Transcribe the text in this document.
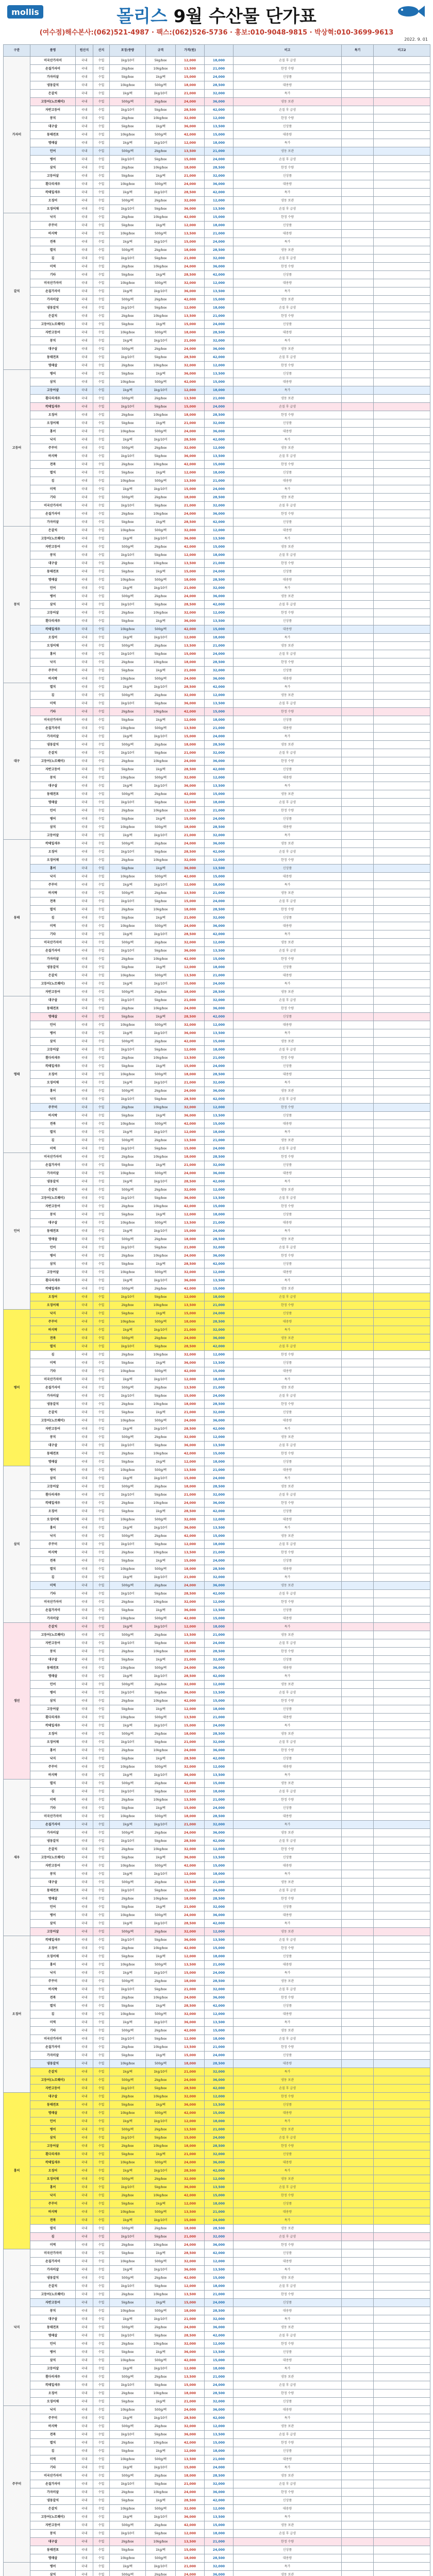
mollis	몰리스 9월 수산물 단가표
(여수점)해수본사:(062)521-4987 · 팩스:(062)526-5736 · 홍보:010-9048-9815 · 박상혁:010-3699-9613
2022. 9. 01
구분	품명	원산지	산지	포장/중량	규격	가격(원)		비고	특기	비고2
가자미	미국산가자미	국내	수입	1kg/10미	5kg/box	12,000	18,000	손질 후 급냉		
	손질가자미	국내	수입	2kg/box	10kg/box	13,500	21,000	한정 수량		
	가자미살	국내	수입	5kg/box	1kg/팩	15,000	24,000	신상품		
	냉동갈치	국내	수입	10kg/box	500g/팩	18,000	28,500	대용량		
	은갈치	국내	수입	1kg/팩	1kg/10미	21,000	32,000	특가		
	고등어(노르웨이)	국내	수입	500g/팩	2kg/box	24,000	36,000	냉동 보관		
	자반고등어	국내	수입	1kg/10미	5kg/box	28,500	42,000	손질 후 급냉		
	꽁치	국내	수입	2kg/box	10kg/box	32,000	12,000	한정 수량		
	대구살	국내	수입	5kg/box	1kg/팩	36,000	13,500	신상품		
	동태전포	국내	수입	10kg/box	500g/팩	42,000	15,000	대용량		
	명태살	국내	수입	1kg/팩	1kg/10미	12,000	18,000	특가		
	민어	국내	수입	500g/팩	2kg/box	13,500	21,000	냉동 보관		
	병어	국내	수입	1kg/10미	5kg/box	15,000	24,000	손질 후 급냉		
	삼치	국내	수입	2kg/box	10kg/box	18,000	28,500	한정 수량		
	고등어살	국내	수입	5kg/box	1kg/팩	21,000	32,000	신상품		
	흰다리새우	국내	수입	10kg/box	500g/팩	24,000	36,000	대용량		
	칵테일새우	국내	수입	1kg/팩	1kg/10미	28,500	42,000	특가		
	오징어	국내	수입	500g/팩	2kg/box	32,000	12,000	냉동 보관		
	오징어채	국내	수입	1kg/10미	5kg/box	36,000	13,500	손질 후 급냉		
갈치	낙지	국내	수입	2kg/box	10kg/box	42,000	15,000	한정 수량		
	주꾸미	국내	수입	5kg/box	1kg/팩	12,000	18,000	신상품		
	바지락	국내	수입	10kg/box	500g/팩	13,500	21,000	대용량		
	전복	국내	수입	1kg/팩	1kg/10미	15,000	24,000	특가		
	멸치	국내	수입	500g/팩	2kg/box	18,000	28,500	냉동 보관		
	김	국내	수입	1kg/10미	5kg/box	21,000	32,000	손질 후 급냉		
	미역	국내	수입	2kg/box	10kg/box	24,000	36,000	한정 수량		
	기타	국내	수입	5kg/box	1kg/팩	28,500	42,000	신상품		
	미국산가자미	국내	수입	10kg/box	500g/팩	32,000	12,000	대용량		
	손질가자미	국내	수입	1kg/팩	1kg/10미	36,000	13,500	특가		
	가자미살	국내	수입	500g/팩	2kg/box	42,000	15,000	냉동 보관		
	냉동갈치	국내	수입	1kg/10미	5kg/box	12,000	18,000	손질 후 급냉		
	은갈치	국내	수입	2kg/box	10kg/box	13,500	21,000	한정 수량		
	고등어(노르웨이)	국내	수입	5kg/box	1kg/팩	15,000	24,000	신상품		
	자반고등어	국내	수입	10kg/box	500g/팩	18,000	28,500	대용량		
	꽁치	국내	수입	1kg/팩	1kg/10미	21,000	32,000	특가		
	대구살	국내	수입	500g/팩	2kg/box	24,000	36,000	냉동 보관		
	동태전포	국내	수입	1kg/10미	5kg/box	28,500	42,000	손질 후 급냉		
	명태살	국내	수입	2kg/box	10kg/box	32,000	12,000	한정 수량		
고등어	병어	국내	수입	5kg/box	1kg/팩	36,000	13,500	신상품		
	삼치	국내	수입	10kg/box	500g/팩	42,000	15,000	대용량		
	고등어살	국내	수입	1kg/팩	1kg/10미	12,000	18,000	특가		
	흰다리새우	국내	수입	500g/팩	2kg/box	13,500	21,000	냉동 보관		
	칵테일새우	국내	수입	1kg/10미	5kg/box	15,000	24,000	손질 후 급냉		
	오징어	국내	수입	2kg/box	10kg/box	18,000	28,500	한정 수량		
	오징어채	국내	수입	5kg/box	1kg/팩	21,000	32,000	신상품		
	홍어	국내	수입	10kg/box	500g/팩	24,000	36,000	대용량		
	낙지	국내	수입	1kg/팩	1kg/10미	28,500	42,000	특가		
	주꾸미	국내	수입	500g/팩	2kg/box	32,000	12,000	냉동 보관		
	바지락	국내	수입	1kg/10미	5kg/box	36,000	13,500	손질 후 급냉		
	전복	국내	수입	2kg/box	10kg/box	42,000	15,000	한정 수량		
	멸치	국내	수입	5kg/box	1kg/팩	12,000	18,000	신상품		
	김	국내	수입	10kg/box	500g/팩	13,500	21,000	대용량		
	미역	국내	수입	1kg/팩	1kg/10미	15,000	24,000	특가		
	기타	국내	수입	500g/팩	2kg/box	18,000	28,500	냉동 보관		
	미국산가자미	국내	수입	1kg/10미	5kg/box	21,000	32,000	손질 후 급냉		
	손질가자미	국내	수입	2kg/box	10kg/box	24,000	36,000	한정 수량		
	가자미살	국내	수입	5kg/box	1kg/팩	28,500	42,000	신상품		
꽁치	은갈치	국내	수입	10kg/box	500g/팩	32,000	12,000	대용량		
	고등어(노르웨이)	국내	수입	1kg/팩	1kg/10미	36,000	13,500	특가		
	자반고등어	국내	수입	500g/팩	2kg/box	42,000	15,000	냉동 보관		
	꽁치	국내	수입	1kg/10미	5kg/box	12,000	18,000	손질 후 급냉		
	대구살	국내	수입	2kg/box	10kg/box	13,500	21,000	한정 수량		
	동태전포	국내	수입	5kg/box	1kg/팩	15,000	24,000	신상품		
	명태살	국내	수입	10kg/box	500g/팩	18,000	28,500	대용량		
	민어	국내	수입	1kg/팩	1kg/10미	21,000	32,000	특가		
	병어	국내	수입	500g/팩	2kg/box	24,000	36,000	냉동 보관		
	삼치	국내	수입	1kg/10미	5kg/box	28,500	42,000	손질 후 급냉		
	고등어살	국내	수입	2kg/box	10kg/box	32,000	12,000	한정 수량		
	흰다리새우	국내	수입	5kg/box	1kg/팩	36,000	13,500	신상품		
	칵테일새우	국내	수입	10kg/box	500g/팩	42,000	15,000	대용량		
	오징어	국내	수입	1kg/팩	1kg/10미	12,000	18,000	특가		
	오징어채	국내	수입	500g/팩	2kg/box	13,500	21,000	냉동 보관		
	홍어	국내	수입	1kg/10미	5kg/box	15,000	24,000	손질 후 급냉		
	낙지	국내	수입	2kg/box	10kg/box	18,000	28,500	한정 수량		
	주꾸미	국내	수입	5kg/box	1kg/팩	21,000	32,000	신상품		
	바지락	국내	수입	10kg/box	500g/팩	24,000	36,000	대용량		
대구	멸치	국내	수입	1kg/팩	1kg/10미	28,500	42,000	특가		
	김	국내	수입	500g/팩	2kg/box	32,000	12,000	냉동 보관		
	미역	국내	수입	1kg/10미	5kg/box	36,000	13,500	손질 후 급냉		
	기타	국내	수입	2kg/box	10kg/box	42,000	15,000	한정 수량		
	미국산가자미	국내	수입	5kg/box	1kg/팩	12,000	18,000	신상품		
	손질가자미	국내	수입	10kg/box	500g/팩	13,500	21,000	대용량		
	가자미살	국내	수입	1kg/팩	1kg/10미	15,000	24,000	특가		
	냉동갈치	국내	수입	500g/팩	2kg/box	18,000	28,500	냉동 보관		
	은갈치	국내	수입	1kg/10미	5kg/box	21,000	32,000	손질 후 급냉		
	고등어(노르웨이)	국내	수입	2kg/box	10kg/box	24,000	36,000	한정 수량		
	자반고등어	국내	수입	5kg/box	1kg/팩	28,500	42,000	신상품		
	꽁치	국내	수입	10kg/box	500g/팩	32,000	12,000	대용량		
	대구살	국내	수입	1kg/팩	1kg/10미	36,000	13,500	특가		
	동태전포	국내	수입	500g/팩	2kg/box	42,000	15,000	냉동 보관		
	명태살	국내	수입	1kg/10미	5kg/box	12,000	18,000	손질 후 급냉		
	민어	국내	수입	2kg/box	10kg/box	13,500	21,000	한정 수량		
	병어	국내	수입	5kg/box	1kg/팩	15,000	24,000	신상품		
	삼치	국내	수입	10kg/box	500g/팩	18,000	28,500	대용량		
	고등어살	국내	수입	1kg/팩	1kg/10미	21,000	32,000	특가		
동태	칵테일새우	국내	수입	500g/팩	2kg/box	24,000	36,000	냉동 보관		
	오징어	국내	수입	1kg/10미	5kg/box	28,500	42,000	손질 후 급냉		
	오징어채	국내	수입	2kg/box	10kg/box	32,000	12,000	한정 수량		
	홍어	국내	수입	5kg/box	1kg/팩	36,000	13,500	신상품		
	낙지	국내	수입	10kg/box	500g/팩	42,000	15,000	대용량		
	주꾸미	국내	수입	1kg/팩	1kg/10미	12,000	18,000	특가		
	바지락	국내	수입	500g/팩	2kg/box	13,500	21,000	냉동 보관		
	전복	국내	수입	1kg/10미	5kg/box	15,000	24,000	손질 후 급냉		
	멸치	국내	수입	2kg/box	10kg/box	18,000	28,500	한정 수량		
	김	국내	수입	5kg/box	1kg/팩	21,000	32,000	신상품		
	미역	국내	수입	10kg/box	500g/팩	24,000	36,000	대용량		
	기타	국내	수입	1kg/팩	1kg/10미	28,500	42,000	특가		
	미국산가자미	국내	수입	500g/팩	2kg/box	32,000	12,000	냉동 보관		
	손질가자미	국내	수입	1kg/10미	5kg/box	36,000	13,500	손질 후 급냉		
	가자미살	국내	수입	2kg/box	10kg/box	42,000	15,000	한정 수량		
	냉동갈치	국내	수입	5kg/box	1kg/팩	12,000	18,000	신상품		
	은갈치	국내	수입	10kg/box	500g/팩	13,500	21,000	대용량		
	고등어(노르웨이)	국내	수입	1kg/팩	1kg/10미	15,000	24,000	특가		
	자반고등어	국내	수입	500g/팩	2kg/box	18,000	28,500	냉동 보관		
명태	대구살	국내	수입	1kg/10미	5kg/box	21,000	32,000	손질 후 급냉		
	동태전포	국내	수입	2kg/box	10kg/box	24,000	36,000	한정 수량		
	명태살	국내	수입	5kg/box	1kg/팩	28,500	42,000	신상품		
	민어	국내	수입	10kg/box	500g/팩	32,000	12,000	대용량		
	병어	국내	수입	1kg/팩	1kg/10미	36,000	13,500	특가		
	삼치	국내	수입	500g/팩	2kg/box	42,000	15,000	냉동 보관		
	고등어살	국내	수입	1kg/10미	5kg/box	12,000	18,000	손질 후 급냉		
	흰다리새우	국내	수입	2kg/box	10kg/box	13,500	21,000	한정 수량		
	칵테일새우	국내	수입	5kg/box	1kg/팩	15,000	24,000	신상품		
	오징어	국내	수입	10kg/box	500g/팩	18,000	28,500	대용량		
	오징어채	국내	수입	1kg/팩	1kg/10미	21,000	32,000	특가		
	홍어	국내	수입	500g/팩	2kg/box	24,000	36,000	냉동 보관		
	낙지	국내	수입	1kg/10미	5kg/box	28,500	42,000	손질 후 급냉		
	주꾸미	국내	수입	2kg/box	10kg/box	32,000	12,000	한정 수량		
	바지락	국내	수입	5kg/box	1kg/팩	36,000	13,500	신상품		
	전복	국내	수입	10kg/box	500g/팩	42,000	15,000	대용량		
	멸치	국내	수입	1kg/팩	1kg/10미	12,000	18,000	특가		
	김	국내	수입	500g/팩	2kg/box	13,500	21,000	냉동 보관		
	미역	국내	수입	1kg/10미	5kg/box	15,000	24,000	손질 후 급냉		
민어	미국산가자미	국내	수입	2kg/box	10kg/box	18,000	28,500	한정 수량		
	손질가자미	국내	수입	5kg/box	1kg/팩	21,000	32,000	신상품		
	가자미살	국내	수입	10kg/box	500g/팩	24,000	36,000	대용량		
	냉동갈치	국내	수입	1kg/팩	1kg/10미	28,500	42,000	특가		
	은갈치	국내	수입	500g/팩	2kg/box	32,000	12,000	냉동 보관		
	고등어(노르웨이)	국내	수입	1kg/10미	5kg/box	36,000	13,500	손질 후 급냉		
	자반고등어	국내	수입	2kg/box	10kg/box	42,000	15,000	한정 수량		
	꽁치	국내	수입	5kg/box	1kg/팩	12,000	18,000	신상품		
	대구살	국내	수입	10kg/box	500g/팩	13,500	21,000	대용량		
	동태전포	국내	수입	1kg/팩	1kg/10미	15,000	24,000	특가		
	명태살	국내	수입	500g/팩	2kg/box	18,000	28,500	냉동 보관		
	민어	국내	수입	1kg/10미	5kg/box	21,000	32,000	손질 후 급냉		
	병어	국내	수입	2kg/box	10kg/box	24,000	36,000	한정 수량		
	삼치	국내	수입	5kg/box	1kg/팩	28,500	42,000	신상품		
	고등어살	국내	수입	10kg/box	500g/팩	32,000	12,000	대용량		
	흰다리새우	국내	수입	1kg/팩	1kg/10미	36,000	13,500	특가		
	칵테일새우	국내	수입	500g/팩	2kg/box	42,000	15,000	냉동 보관		
	오징어	국내	수입	1kg/10미	5kg/box	12,000	18,000	손질 후 급냉		
	오징어채	국내	수입	2kg/box	10kg/box	13,500	21,000	한정 수량		
병어	낙지	국내	수입	5kg/box	1kg/팩	15,000	24,000	신상품		
	주꾸미	국내	수입	10kg/box	500g/팩	18,000	28,500	대용량		
	바지락	국내	수입	1kg/팩	1kg/10미	21,000	32,000	특가		
	전복	국내	수입	500g/팩	2kg/box	24,000	36,000	냉동 보관		
	멸치	국내	수입	1kg/10미	5kg/box	28,500	42,000	손질 후 급냉		
	김	국내	수입	2kg/box	10kg/box	32,000	12,000	한정 수량		
	미역	국내	수입	5kg/box	1kg/팩	36,000	13,500	신상품		
	기타	국내	수입	10kg/box	500g/팩	42,000	15,000	대용량		
	미국산가자미	국내	수입	1kg/팩	1kg/10미	12,000	18,000	특가		
	손질가자미	국내	수입	500g/팩	2kg/box	13,500	21,000	냉동 보관		
	가자미살	국내	수입	1kg/10미	5kg/box	15,000	24,000	손질 후 급냉		
	냉동갈치	국내	수입	2kg/box	10kg/box	18,000	28,500	한정 수량		
	은갈치	국내	수입	5kg/box	1kg/팩	21,000	32,000	신상품		
	고등어(노르웨이)	국내	수입	10kg/box	500g/팩	24,000	36,000	대용량		
	자반고등어	국내	수입	1kg/팩	1kg/10미	28,500	42,000	특가		
	꽁치	국내	수입	500g/팩	2kg/box	32,000	12,000	냉동 보관		
	대구살	국내	수입	1kg/10미	5kg/box	36,000	13,500	손질 후 급냉		
	동태전포	국내	수입	2kg/box	10kg/box	42,000	15,000	한정 수량		
	명태살	국내	수입	5kg/box	1kg/팩	12,000	18,000	신상품		
삼치	병어	국내	수입	10kg/box	500g/팩	13,500	21,000	대용량		
	삼치	국내	수입	1kg/팩	1kg/10미	15,000	24,000	특가		
	고등어살	국내	수입	500g/팩	2kg/box	18,000	28,500	냉동 보관		
	흰다리새우	국내	수입	1kg/10미	5kg/box	21,000	32,000	손질 후 급냉		
	칵테일새우	국내	수입	2kg/box	10kg/box	24,000	36,000	한정 수량		
	오징어	국내	수입	5kg/box	1kg/팩	28,500	42,000	신상품		
	오징어채	국내	수입	10kg/box	500g/팩	32,000	12,000	대용량		
	홍어	국내	수입	1kg/팩	1kg/10미	36,000	13,500	특가		
	낙지	국내	수입	500g/팩	2kg/box	42,000	15,000	냉동 보관		
	주꾸미	국내	수입	1kg/10미	5kg/box	12,000	18,000	손질 후 급냉		
	바지락	국내	수입	2kg/box	10kg/box	13,500	21,000	한정 수량		
	전복	국내	수입	5kg/box	1kg/팩	15,000	24,000	신상품		
	멸치	국내	수입	10kg/box	500g/팩	18,000	28,500	대용량		
	김	국내	수입	1kg/팩	1kg/10미	21,000	32,000	특가		
	미역	국내	수입	500g/팩	2kg/box	24,000	36,000	냉동 보관		
	기타	국내	수입	1kg/10미	5kg/box	28,500	42,000	손질 후 급냉		
	미국산가자미	국내	수입	2kg/box	10kg/box	32,000	12,000	한정 수량		
	손질가자미	국내	수입	5kg/box	1kg/팩	36,000	13,500	신상품		
	가자미살	국내	수입	10kg/box	500g/팩	42,000	15,000	대용량		
생선	은갈치	국내	수입	1kg/팩	1kg/10미	12,000	18,000	특가		
	고등어(노르웨이)	국내	수입	500g/팩	2kg/box	13,500	21,000	냉동 보관		
	자반고등어	국내	수입	1kg/10미	5kg/box	15,000	24,000	손질 후 급냉		
	꽁치	국내	수입	2kg/box	10kg/box	18,000	28,500	한정 수량		
	대구살	국내	수입	5kg/box	1kg/팩	21,000	32,000	신상품		
	동태전포	국내	수입	10kg/box	500g/팩	24,000	36,000	대용량		
	명태살	국내	수입	1kg/팩	1kg/10미	28,500	42,000	특가		
	민어	국내	수입	500g/팩	2kg/box	32,000	12,000	냉동 보관		
	병어	국내	수입	1kg/10미	5kg/box	36,000	13,500	손질 후 급냉		
	삼치	국내	수입	2kg/box	10kg/box	42,000	15,000	한정 수량		
	고등어살	국내	수입	5kg/box	1kg/팩	12,000	18,000	신상품		
	흰다리새우	국내	수입	10kg/box	500g/팩	13,500	21,000	대용량		
	칵테일새우	국내	수입	1kg/팩	1kg/10미	15,000	24,000	특가		
	오징어	국내	수입	500g/팩	2kg/box	18,000	28,500	냉동 보관		
	오징어채	국내	수입	1kg/10미	5kg/box	21,000	32,000	손질 후 급냉		
	홍어	국내	수입	2kg/box	10kg/box	24,000	36,000	한정 수량		
	낙지	국내	수입	5kg/box	1kg/팩	28,500	42,000	신상품		
	주꾸미	국내	수입	10kg/box	500g/팩	32,000	12,000	대용량		
	바지락	국내	수입	1kg/팩	1kg/10미	36,000	13,500	특가		
새우	멸치	국내	수입	500g/팩	2kg/box	42,000	15,000	냉동 보관		
	김	국내	수입	1kg/10미	5kg/box	12,000	18,000	손질 후 급냉		
	미역	국내	수입	2kg/box	10kg/box	13,500	21,000	한정 수량		
	기타	국내	수입	5kg/box	1kg/팩	15,000	24,000	신상품		
	미국산가자미	국내	수입	10kg/box	500g/팩	18,000	28,500	대용량		
	손질가자미	국내	수입	1kg/팩	1kg/10미	21,000	32,000	특가		
	가자미살	국내	수입	500g/팩	2kg/box	24,000	36,000	냉동 보관		
	냉동갈치	국내	수입	1kg/10미	5kg/box	28,500	42,000	손질 후 급냉		
	은갈치	국내	수입	2kg/box	10kg/box	32,000	12,000	한정 수량		
	고등어(노르웨이)	국내	수입	5kg/box	1kg/팩	36,000	13,500	신상품		
	자반고등어	국내	수입	10kg/box	500g/팩	42,000	15,000	대용량		
	꽁치	국내	수입	1kg/팩	1kg/10미	12,000	18,000	특가		
	대구살	국내	수입	500g/팩	2kg/box	13,500	21,000	냉동 보관		
	동태전포	국내	수입	1kg/10미	5kg/box	15,000	24,000	손질 후 급냉		
	명태살	국내	수입	2kg/box	10kg/box	18,000	28,500	한정 수량		
	민어	국내	수입	5kg/box	1kg/팩	21,000	32,000	신상품		
	병어	국내	수입	10kg/box	500g/팩	24,000	36,000	대용량		
	삼치	국내	수입	1kg/팩	1kg/10미	28,500	42,000	특가		
	고등어살	국내	수입	500g/팩	2kg/box	32,000	12,000	냉동 보관		
오징어	칵테일새우	국내	수입	1kg/10미	5kg/box	36,000	13,500	손질 후 급냉		
	오징어	국내	수입	2kg/box	10kg/box	42,000	15,000	한정 수량		
	오징어채	국내	수입	5kg/box	1kg/팩	12,000	18,000	신상품		
	홍어	국내	수입	10kg/box	500g/팩	13,500	21,000	대용량		
	낙지	국내	수입	1kg/팩	1kg/10미	15,000	24,000	특가		
	주꾸미	국내	수입	500g/팩	2kg/box	18,000	28,500	냉동 보관		
	바지락	국내	수입	1kg/10미	5kg/box	21,000	32,000	손질 후 급냉		
	전복	국내	수입	2kg/box	10kg/box	24,000	36,000	한정 수량		
	멸치	국내	수입	5kg/box	1kg/팩	28,500	42,000	신상품		
	김	국내	수입	10kg/box	500g/팩	32,000	12,000	대용량		
	미역	국내	수입	1kg/팩	1kg/10미	36,000	13,500	특가		
	기타	국내	수입	500g/팩	2kg/box	42,000	15,000	냉동 보관		
	미국산가자미	국내	수입	1kg/10미	5kg/box	12,000	18,000	손질 후 급냉		
	손질가자미	국내	수입	2kg/box	10kg/box	13,500	21,000	한정 수량		
	가자미살	국내	수입	5kg/box	1kg/팩	15,000	24,000	신상품		
	냉동갈치	국내	수입	10kg/box	500g/팩	18,000	28,500	대용량		
	은갈치	국내	수입	1kg/팩	1kg/10미	21,000	32,000	특가		
	고등어(노르웨이)	국내	수입	500g/팩	2kg/box	24,000	36,000	냉동 보관		
	자반고등어	국내	수입	1kg/10미	5kg/box	28,500	42,000	손질 후 급냉		
홍어	대구살	국내	수입	2kg/box	10kg/box	32,000	12,000	한정 수량		
	동태전포	국내	수입	5kg/box	1kg/팩	36,000	13,500	신상품		
	명태살	국내	수입	10kg/box	500g/팩	42,000	15,000	대용량		
	민어	국내	수입	1kg/팩	1kg/10미	12,000	18,000	특가		
	병어	국내	수입	500g/팩	2kg/box	13,500	21,000	냉동 보관		
	삼치	국내	수입	1kg/10미	5kg/box	15,000	24,000	손질 후 급냉		
	고등어살	국내	수입	2kg/box	10kg/box	18,000	28,500	한정 수량		
	흰다리새우	국내	수입	5kg/box	1kg/팩	21,000	32,000	신상품		
	칵테일새우	국내	수입	10kg/box	500g/팩	24,000	36,000	대용량		
	오징어	국내	수입	1kg/팩	1kg/10미	28,500	42,000	특가		
	오징어채	국내	수입	500g/팩	2kg/box	32,000	12,000	냉동 보관		
	홍어	국내	수입	1kg/10미	5kg/box	36,000	13,500	손질 후 급냉		
	낙지	국내	수입	2kg/box	10kg/box	42,000	15,000	한정 수량		
	주꾸미	국내	수입	5kg/box	1kg/팩	12,000	18,000	신상품		
	바지락	국내	수입	10kg/box	500g/팩	13,500	21,000	대용량		
	전복	국내	수입	1kg/팩	1kg/10미	15,000	24,000	특가		
	멸치	국내	수입	500g/팩	2kg/box	18,000	28,500	냉동 보관		
	김	국내	수입	1kg/10미	5kg/box	21,000	32,000	손질 후 급냉		
	미역	국내	수입	2kg/box	10kg/box	24,000	36,000	한정 수량		
낙지	미국산가자미	국내	수입	5kg/box	1kg/팩	28,500	42,000	신상품		
	손질가자미	국내	수입	10kg/box	500g/팩	32,000	12,000	대용량		
	가자미살	국내	수입	1kg/팩	1kg/10미	36,000	13,500	특가		
	냉동갈치	국내	수입	500g/팩	2kg/box	42,000	15,000	냉동 보관		
	은갈치	국내	수입	1kg/10미	5kg/box	12,000	18,000	손질 후 급냉		
	고등어(노르웨이)	국내	수입	2kg/box	10kg/box	13,500	21,000	한정 수량		
	자반고등어	국내	수입	5kg/box	1kg/팩	15,000	24,000	신상품		
	꽁치	국내	수입	10kg/box	500g/팩	18,000	28,500	대용량		
	대구살	국내	수입	1kg/팩	1kg/10미	21,000	32,000	특가		
	동태전포	국내	수입	500g/팩	2kg/box	24,000	36,000	냉동 보관		
	명태살	국내	수입	1kg/10미	5kg/box	28,500	42,000	손질 후 급냉		
	민어	국내	수입	2kg/box	10kg/box	32,000	12,000	한정 수량		
	병어	국내	수입	5kg/box	1kg/팩	36,000	13,500	신상품		
	삼치	국내	수입	10kg/box	500g/팩	42,000	15,000	대용량		
	고등어살	국내	수입	1kg/팩	1kg/10미	12,000	18,000	특가		
	흰다리새우	국내	수입	500g/팩	2kg/box	13,500	21,000	냉동 보관		
	칵테일새우	국내	수입	1kg/10미	5kg/box	15,000	24,000	손질 후 급냉		
	오징어	국내	수입	2kg/box	10kg/box	18,000	28,500	한정 수량		
	오징어채	국내	수입	5kg/box	1kg/팩	21,000	32,000	신상품		
주꾸미	낙지	국내	수입	10kg/box	500g/팩	24,000	36,000	대용량		
	주꾸미	국내	수입	1kg/팩	1kg/10미	28,500	42,000	특가		
	바지락	국내	수입	500g/팩	2kg/box	32,000	12,000	냉동 보관		
	전복	국내	수입	1kg/10미	5kg/box	36,000	13,500	손질 후 급냉		
	멸치	국내	수입	2kg/box	10kg/box	42,000	15,000	한정 수량		
	김	국내	수입	5kg/box	1kg/팩	12,000	18,000	신상품		
	미역	국내	수입	10kg/box	500g/팩	13,500	21,000	대용량		
	기타	국내	수입	1kg/팩	1kg/10미	15,000	24,000	특가		
	미국산가자미	국내	수입	500g/팩	2kg/box	18,000	28,500	냉동 보관		
	손질가자미	국내	수입	1kg/10미	5kg/box	21,000	32,000	손질 후 급냉		
	가자미살	국내	수입	2kg/box	10kg/box	24,000	36,000	한정 수량		
	냉동갈치	국내	수입	5kg/box	1kg/팩	28,500	42,000	신상품		
	은갈치	국내	수입	10kg/box	500g/팩	32,000	12,000	대용량		
	고등어(노르웨이)	국내	수입	1kg/팩	1kg/10미	36,000	13,500	특가		
	자반고등어	국내	수입	500g/팩	2kg/box	42,000	15,000	냉동 보관		
	꽁치	국내	수입	1kg/10미	5kg/box	12,000	18,000	손질 후 급냉		
	대구살	국내	수입	2kg/box	10kg/box	13,500	21,000	한정 수량		
	동태전포	국내	수입	5kg/box	1kg/팩	15,000	24,000	신상품		
	명태살	국내	수입	10kg/box	500g/팩	18,000	28,500	대용량		
	병어	국내	수입	1kg/팩	1kg/10미	21,000	32,000	특가		
	삼치	국내	수입	500g/팩	2kg/box	24,000	36,000	냉동 보관		
